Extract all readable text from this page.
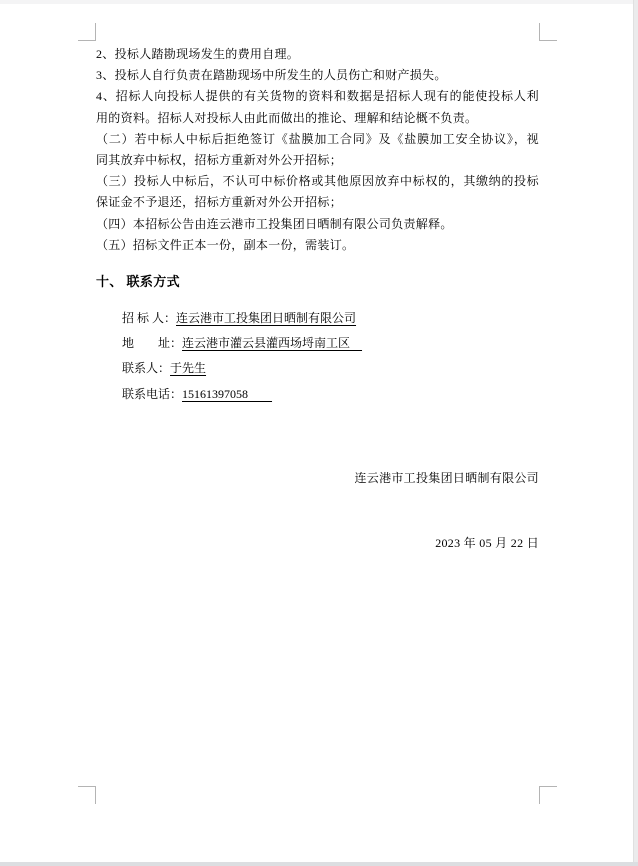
2、投标人踏勘现场发生的费用自理。
3、投标人自行负责在踏勘现场中所发生的人员伤亡和财产损失。
4、招标人向投标人提供的有关货物的资料和数据是招标人现有的能使投标人利
用的资料。招标人对投标人由此而做出的推论、理解和结论概不负责。
（二）若中标人中标后拒绝签订《盐膜加工合同》及《盐膜加工安全协议》，视
同其放弃中标权，招标方重新对外公开招标；
（三）投标人中标后，不认可中标价格或其他原因放弃中标权的，其缴纳的投标
保证金不予退还，招标方重新对外公开招标；
（四）本招标公告由连云港市工投集团日晒制有限公司负责解释。
（五）招标文件正本一份，副本一份，需装订。
十、 联系方式
招 标 人：连云港市工投集团日晒制有限公司
地　　址：连云港市灌云县灌西场埒南工区　
联系人：于先生
联系电话：15161397058　　

连云港市工投集团日晒制有限公司

2023 年 05 月 22 日
